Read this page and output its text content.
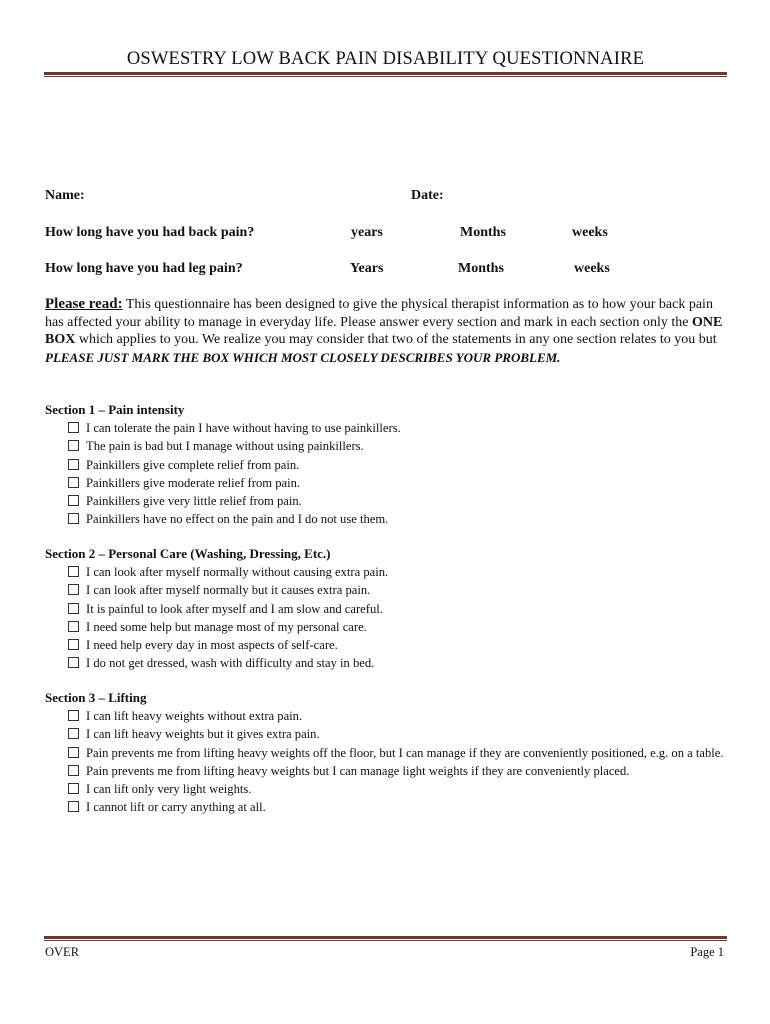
OSWESTRY LOW BACK PAIN DISABILITY QUESTIONNAIRE
Name:	Date:
How long have you had back pain?	years	Months	weeks
How long have you had leg pain?	Years	Months	weeks
Please read: This questionnaire has been designed to give the physical therapist information as to how your back pain has affected your ability to manage in everyday life. Please answer every section and mark in each section only the ONE BOX which applies to you. We realize you may consider that two of the statements in any one section relates to you but PLEASE JUST MARK THE BOX WHICH MOST CLOSELY DESCRIBES YOUR PROBLEM.
Section 1 – Pain intensity
I can tolerate the pain I have without having to use painkillers.
The pain is bad but I manage without using painkillers.
Painkillers give complete relief from pain.
Painkillers give moderate relief from pain.
Painkillers give very little relief from pain.
Painkillers have no effect on the pain and I do not use them.
Section 2 – Personal Care (Washing, Dressing, Etc.)
I can look after myself normally without causing extra pain.
I can look after myself normally but it causes extra pain.
It is painful to look after myself and I am slow and careful.
I need some help but manage most of my personal care.
I need help every day in most aspects of self-care.
I do not get dressed, wash with difficulty and stay in bed.
Section 3 – Lifting
I can lift heavy weights without extra pain.
I can lift heavy weights but it gives extra pain.
Pain prevents me from lifting heavy weights off the floor, but I can manage if they are conveniently positioned, e.g. on a table.
Pain prevents me from lifting heavy weights but I can manage light weights if they are conveniently placed.
I can lift only very light weights.
I cannot lift or carry anything at all.
OVER	Page 1
